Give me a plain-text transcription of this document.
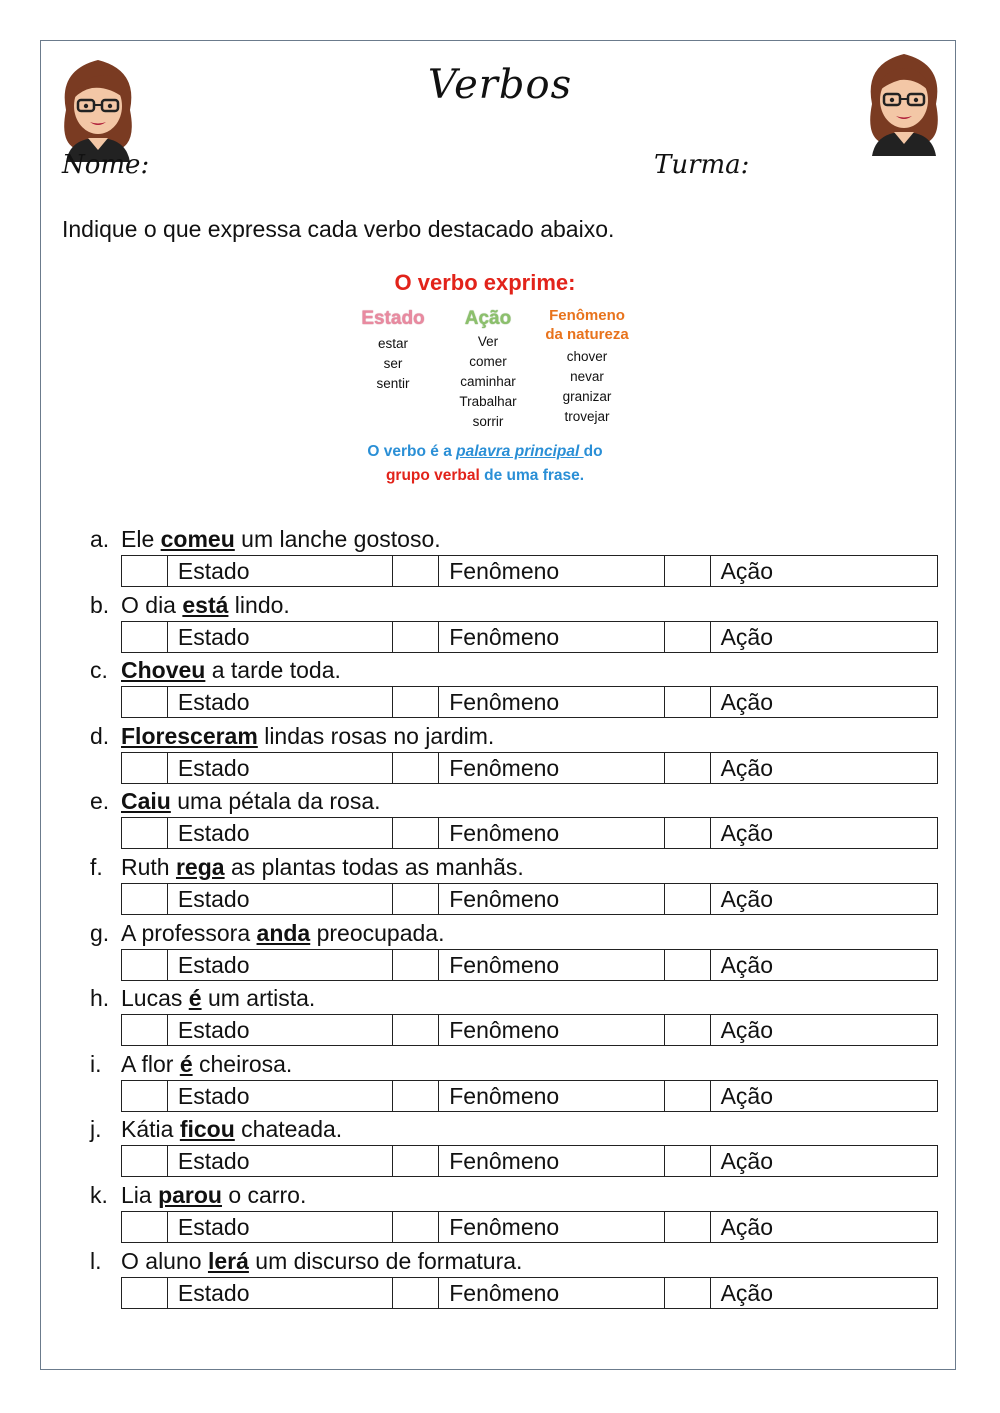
Verbos
Nome:	Turma:
Indique o que expressa cada verbo destacado abaixo.
O verbo exprime:
Estado
estar
ser
sentir
Ação
Ver
comer
caminhar
Trabalhar
sorrir
Fenômeno
da natureza
chover
nevar
granizar
trovejar
O verbo é a palavra principal do
grupo verbal de uma frase.
a. Ele comeu um lanche gostoso.
Estado	Fenômeno	Ação
b. O dia está lindo.
Estado	Fenômeno	Ação
c. Choveu a tarde toda.
Estado	Fenômeno	Ação
d. Floresceram lindas rosas no jardim.
Estado	Fenômeno	Ação
e. Caiu uma pétala da rosa.
Estado	Fenômeno	Ação
f. Ruth rega as plantas todas as manhãs.
Estado	Fenômeno	Ação
g. A professora anda preocupada.
Estado	Fenômeno	Ação
h. Lucas é um artista.
Estado	Fenômeno	Ação
i. A flor é cheirosa.
Estado	Fenômeno	Ação
j. Kátia ficou chateada.
Estado	Fenômeno	Ação
k. Lia parou o carro.
Estado	Fenômeno	Ação
l. O aluno lerá um discurso de formatura.
Estado	Fenômeno	Ação
